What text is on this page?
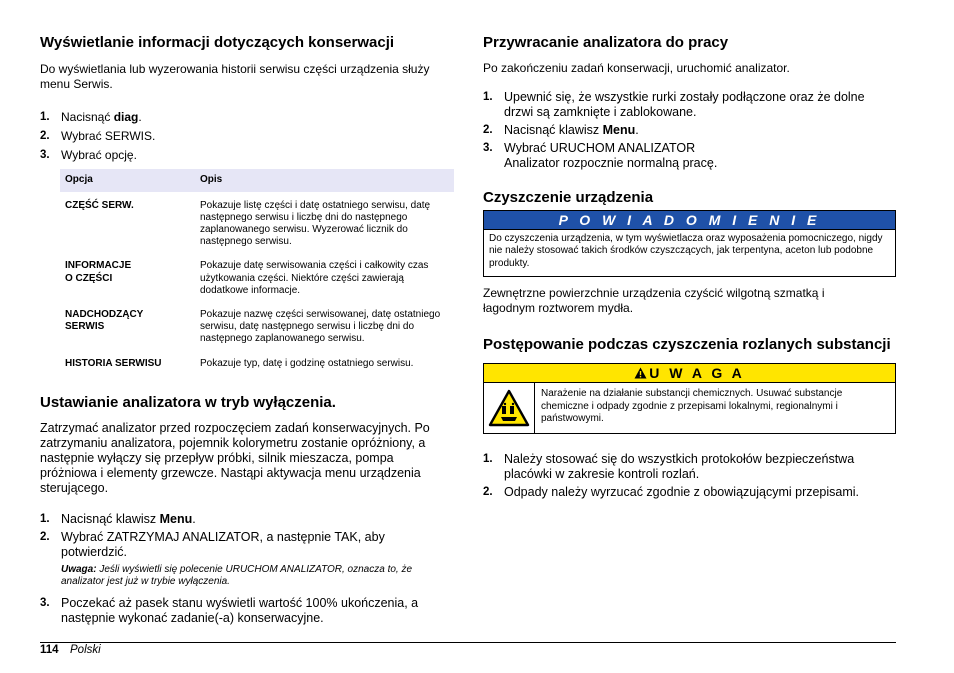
Wyświetlanie informacji dotyczących konserwacji

Do wyświetlania lub wyzerowania historii serwisu części urządzenia służy menu Serwis.

1. Nacisnąć diag.
2. Wybrać SERWIS.
3. Wybrać opcję.
Opcja	Opis
CZĘŚĆ SERW.	Pokazuje listę części i datę ostatniego serwisu, datę następnego serwisu i liczbę dni do następnego zaplanowanego serwisu. Wyzerować licznik do następnego serwisu.
INFORMACJE
O CZĘŚCI	Pokazuje datę serwisowania części i całkowity czas użytkowania części. Niektóre części zawierają dodatkowe informacje.
NADCHODZĄCY
SERWIS	Pokazuje nazwę części serwisowanej, datę ostatniego serwisu, datę następnego serwisu i liczbę dni do następnego zaplanowanego serwisu.
HISTORIA SERWISU	Pokazuje typ, datę i godzinę ostatniego serwisu.
Ustawianie analizatora w tryb wyłączenia.

Zatrzymać analizator przed rozpoczęciem zadań konserwacyjnych. Po zatrzymaniu analizatora, pojemnik kolorymetru zostanie opróżniony, a następnie wyłączy się przepływ próbki, silnik mieszacza, pompa próżniowa i elementy grzewcze. Nastąpi aktywacja menu urządzenia sterującego.

1. Nacisnąć klawisz Menu.
2. Wybrać ZATRZYMAJ ANALIZATOR, a następnie TAK, aby potwierdzić.
Uwaga: Jeśli wyświetli się polecenie URUCHOM ANALIZATOR, oznacza to, że analizator jest już w trybie wyłączenia.
3. Poczekać aż pasek stanu wyświetli wartość 100% ukończenia, a następnie wykonać zadanie(-a) konserwacyjne.
Przywracanie analizatora do pracy

Po zakończeniu zadań konserwacji, uruchomić analizator.

1. Upewnić się, że wszystkie rurki zostały podłączone oraz że dolne drzwi są zamknięte i zablokowane.
2. Nacisnąć klawisz Menu.
3. Wybrać URUCHOM ANALIZATOR
Analizator rozpocznie normalną pracę.
Czyszczenie urządzenia
P O W I A D O M I E N I E
Do czyszczenia urządzenia, w tym wyświetlacza oraz wyposażenia pomocniczego, nigdy nie należy stosować takich środków czyszczących, jak terpentyna, aceton lub podobne produkty.

Zewnętrzne powierzchnie urządzenia czyścić wilgotną szmatką i łagodnym roztworem mydła.

Postępowanie podczas czyszczenia rozlanych substancji
U W A G A
Narażenie na działanie substancji chemicznych. Usuwać substancje chemiczne i odpady zgodnie z przepisami lokalnymi, regionalnymi i państwowymi.
1. Należy stosować się do wszystkich protokołów bezpieczeństwa placówki w zakresie kontroli rozlań.
2. Odpady należy wyrzucać zgodnie z obowiązującymi przepisami.
114 Polski
